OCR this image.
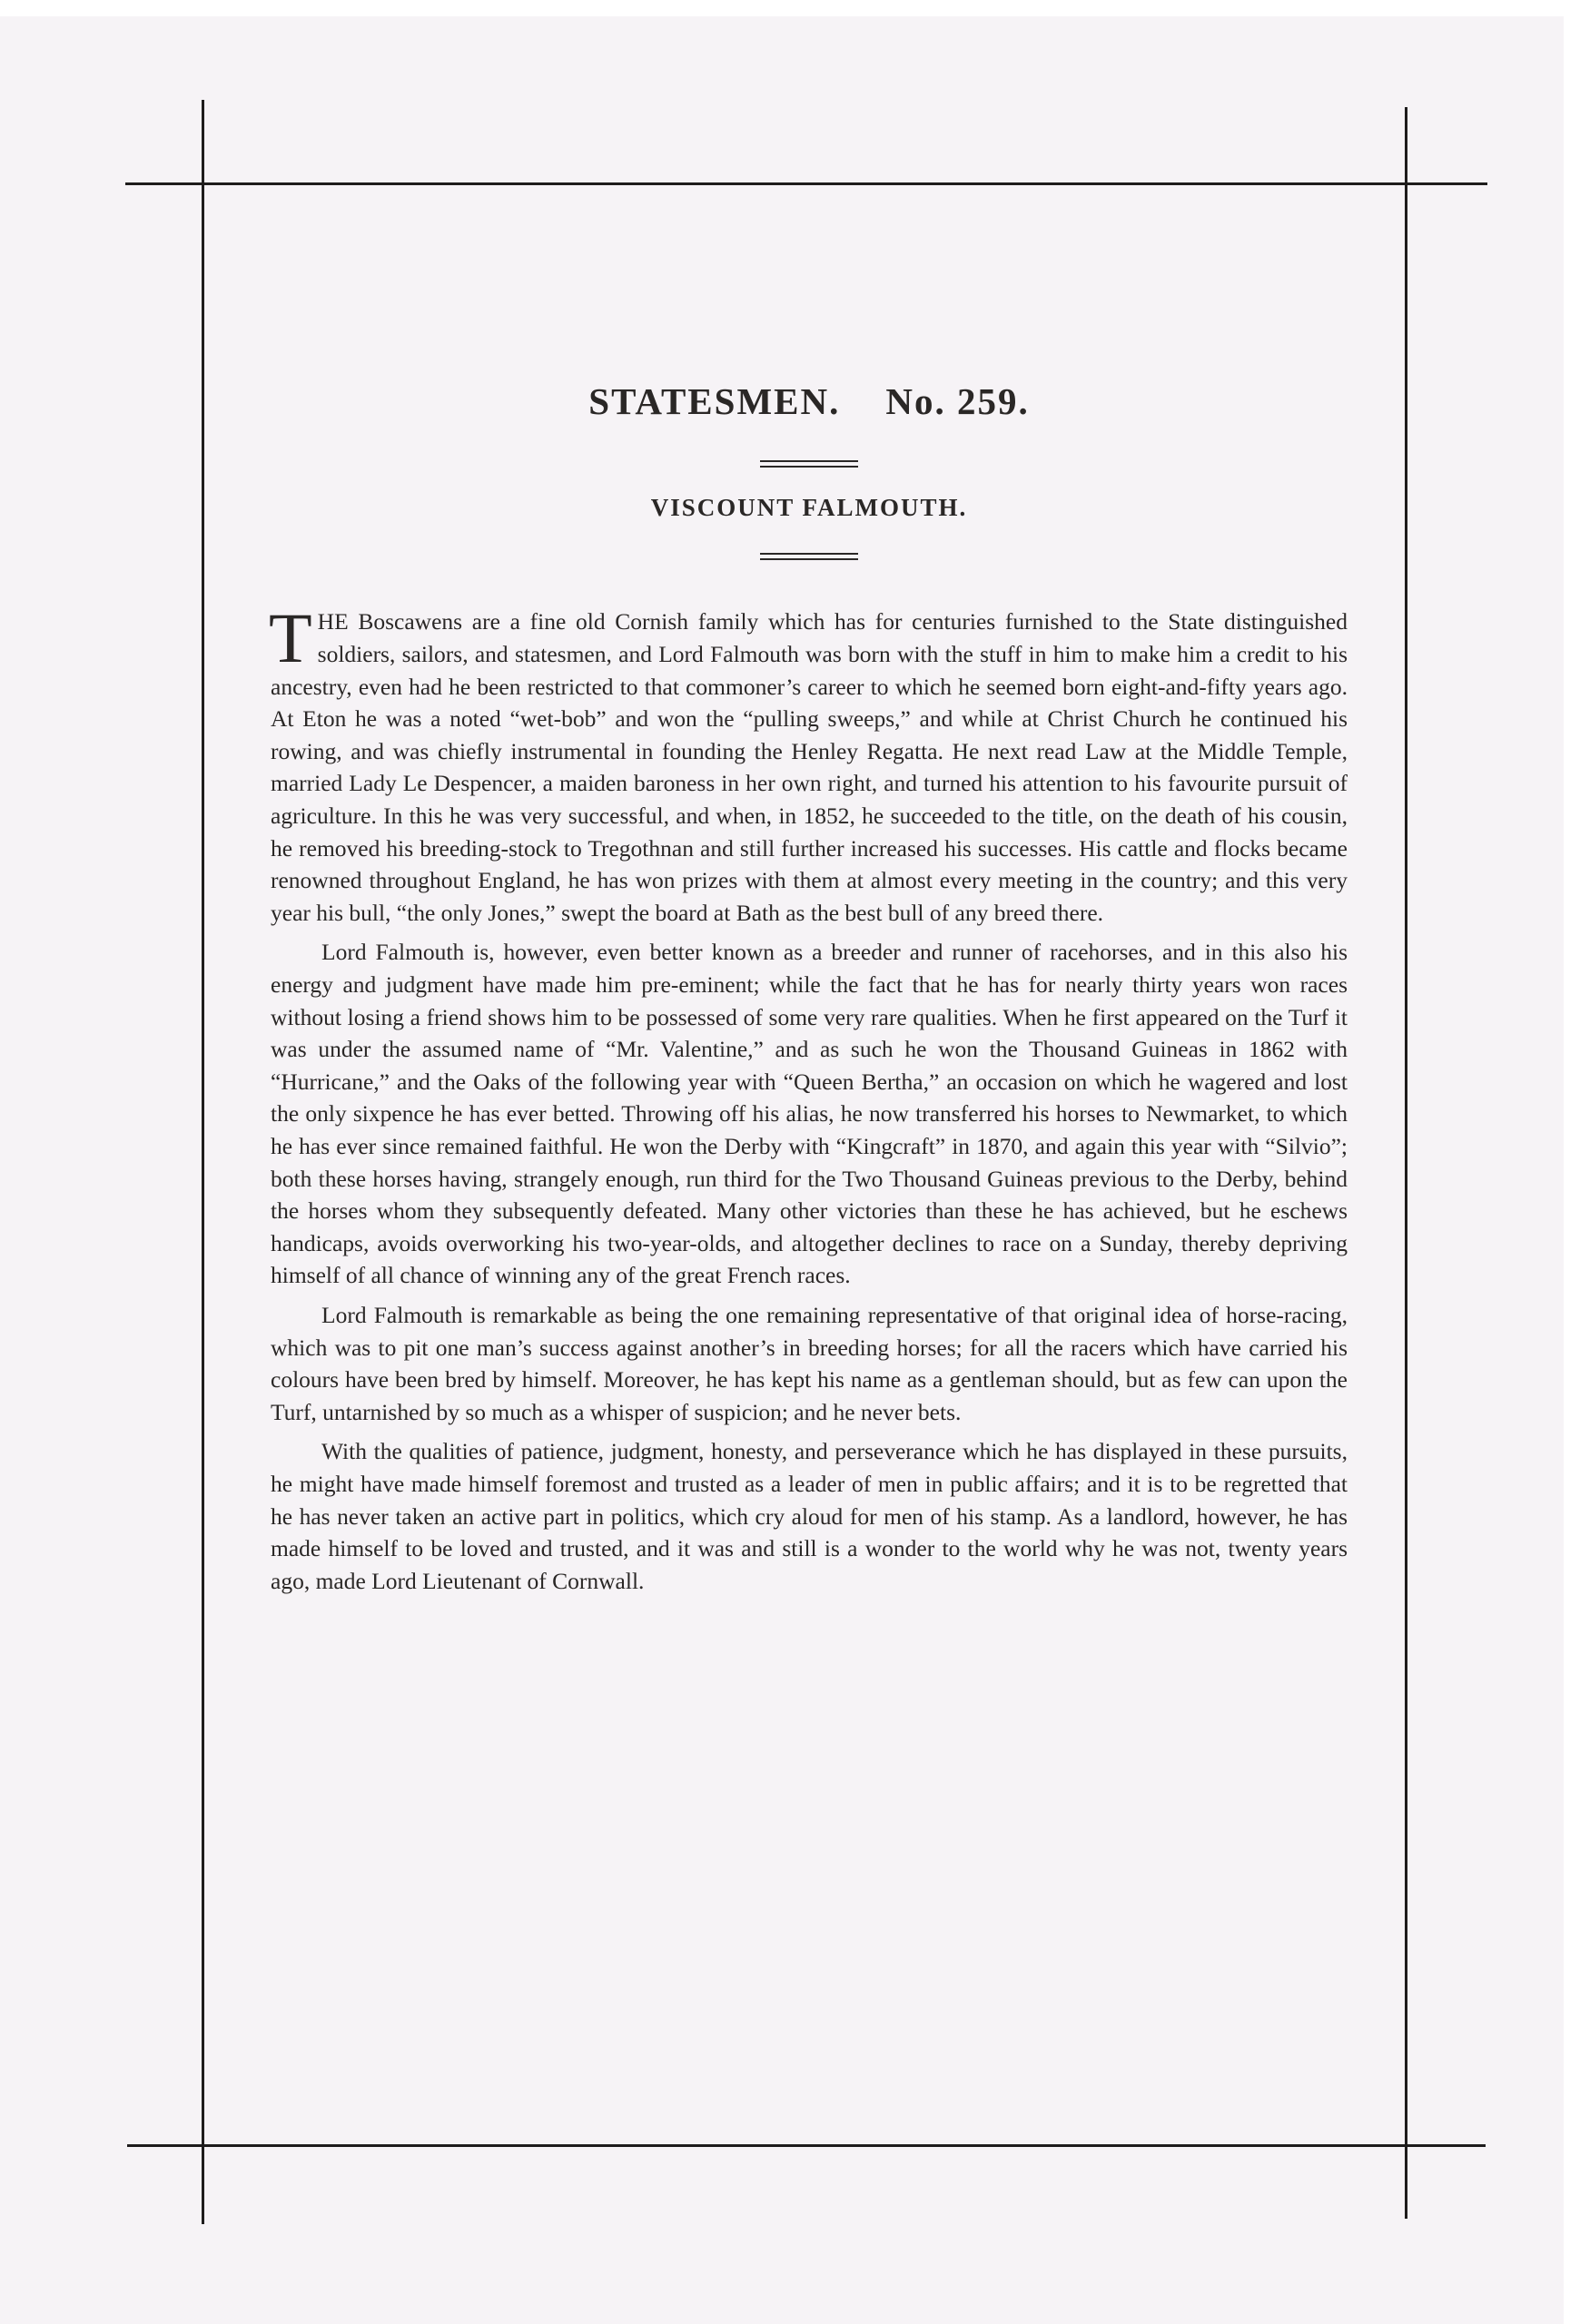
STATESMEN. No. 259.
VISCOUNT FALMOUTH.

THE Boscawens are a fine old Cornish family which has for centuries furnished to the State distinguished soldiers, sailors, and statesmen, and Lord Falmouth was born with the stuff in him to make him a credit to his ancestry, even had he been restricted to that commoner’s career to which he seemed born eight-and-fifty years ago. At Eton he was a noted “wet-bob” and won the “pulling sweeps,” and while at Christ Church he continued his rowing, and was chiefly instrumental in founding the Henley Regatta. He next read Law at the Middle Temple, married Lady Le Despencer, a maiden baroness in her own right, and turned his attention to his favourite pursuit of agriculture. In this he was very successful, and when, in 1852, he succeeded to the title, on the death of his cousin, he removed his breeding-stock to Tregothnan and still further increased his successes. His cattle and flocks became renowned throughout England, he has won prizes with them at almost every meeting in the country; and this very year his bull, “the only Jones,” swept the board at Bath as the best bull of any breed there.

Lord Falmouth is, however, even better known as a breeder and runner of racehorses, and in this also his energy and judgment have made him pre-eminent; while the fact that he has for nearly thirty years won races without losing a friend shows him to be possessed of some very rare qualities. When he first appeared on the Turf it was under the assumed name of “Mr. Valentine,” and as such he won the Thousand Guineas in 1862 with “Hurricane,” and the Oaks of the following year with “Queen Bertha,” an occasion on which he wagered and lost the only sixpence he has ever betted. Throwing off his alias, he now transferred his horses to Newmarket, to which he has ever since remained faithful. He won the Derby with “Kingcraft” in 1870, and again this year with “Silvio”; both these horses having, strangely enough, run third for the Two Thousand Guineas previous to the Derby, behind the horses whom they subsequently defeated. Many other victories than these he has achieved, but he eschews handicaps, avoids overworking his two-year-olds, and altogether declines to race on a Sunday, thereby depriving himself of all chance of winning any of the great French races.

Lord Falmouth is remarkable as being the one remaining representative of that original idea of horse-racing, which was to pit one man’s success against another’s in breeding horses; for all the racers which have carried his colours have been bred by himself. Moreover, he has kept his name as a gentleman should, but as few can upon the Turf, untarnished by so much as a whisper of suspicion; and he never bets.

With the qualities of patience, judgment, honesty, and perseverance which he has displayed in these pursuits, he might have made himself foremost and trusted as a leader of men in public affairs; and it is to be regretted that he has never taken an active part in politics, which cry aloud for men of his stamp. As a landlord, however, he has made himself to be loved and trusted, and it was and still is a wonder to the world why he was not, twenty years ago, made Lord Lieutenant of Cornwall.
